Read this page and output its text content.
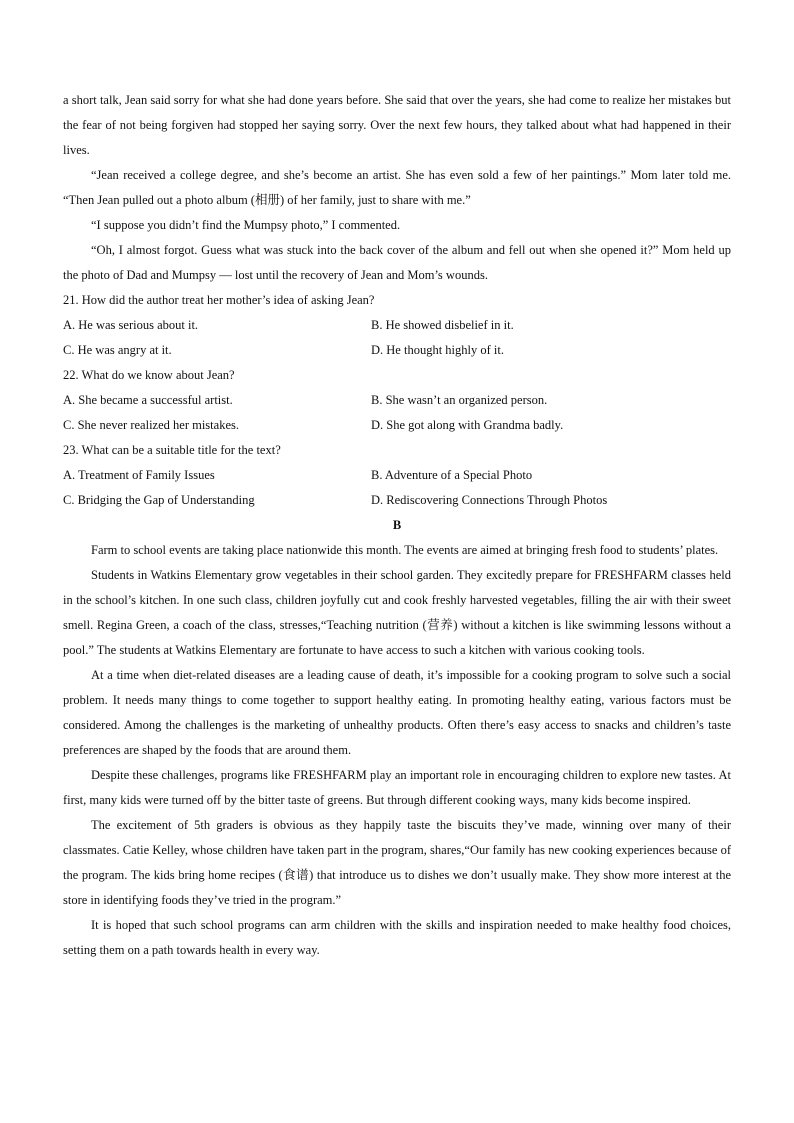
a short talk, Jean said sorry for what she had done years before. She said that over the years, she had come to realize her mistakes but the fear of not being forgiven had stopped her saying sorry. Over the next few hours, they talked about what had happened in their lives.

“Jean received a college degree, and she’s become an artist. She has even sold a few of her paintings.” Mom later told me. “Then Jean pulled out a photo album (相册) of her family, just to share with me.”

“I suppose you didn’t find the Mumpsy photo,” I commented.

“Oh, I almost forgot. Guess what was stuck into the back cover of the album and fell out when she opened it?” Mom held up the photo of Dad and Mumpsy — lost until the recovery of Jean and Mom’s wounds.

21. How did the author treat her mother’s idea of asking Jean?

A. He was serious about it.	B. He showed disbelief in it.
C. He was angry at it.	D. He thought highly of it.

22. What do we know about Jean?

A. She became a successful artist.	B. She wasn’t an organized person.
C. She never realized her mistakes.	D. She got along with Grandma badly.

23. What can be a suitable title for the text?

A. Treatment of Family Issues	B. Adventure of a Special Photo
C. Bridging the Gap of Understanding	D. Rediscovering Connections Through Photos

B

Farm to school events are taking place nationwide this month. The events are aimed at bringing fresh food to students’ plates.

Students in Watkins Elementary grow vegetables in their school garden. They excitedly prepare for FRESHFARM classes held in the school’s kitchen. In one such class, children joyfully cut and cook freshly harvested vegetables, filling the air with their sweet smell. Regina Green, a coach of the class, stresses,“Teaching nutrition (营养) without a kitchen is like swimming lessons without a pool.” The students at Watkins Elementary are fortunate to have access to such a kitchen with various cooking tools.

At a time when diet-related diseases are a leading cause of death, it’s impossible for a cooking program to solve such a social problem. It needs many things to come together to support healthy eating. In promoting healthy eating, various factors must be considered. Among the challenges is the marketing of unhealthy products. Often there’s easy access to snacks and children’s taste preferences are shaped by the foods that are around them.

Despite these challenges, programs like FRESHFARM play an important role in encouraging children to explore new tastes. At first, many kids were turned off by the bitter taste of greens. But through different cooking ways, many kids become inspired.

The excitement of 5th graders is obvious as they happily taste the biscuits they’ve made, winning over many of their classmates. Catie Kelley, whose children have taken part in the program, shares,“Our family has new cooking experiences because of the program. The kids bring home recipes (食谱) that introduce us to dishes we don’t usually make. They show more interest at the store in identifying foods they’ve tried in the program.”

It is hoped that such school programs can arm children with the skills and inspiration needed to make healthy food choices, setting them on a path towards health in every way.
